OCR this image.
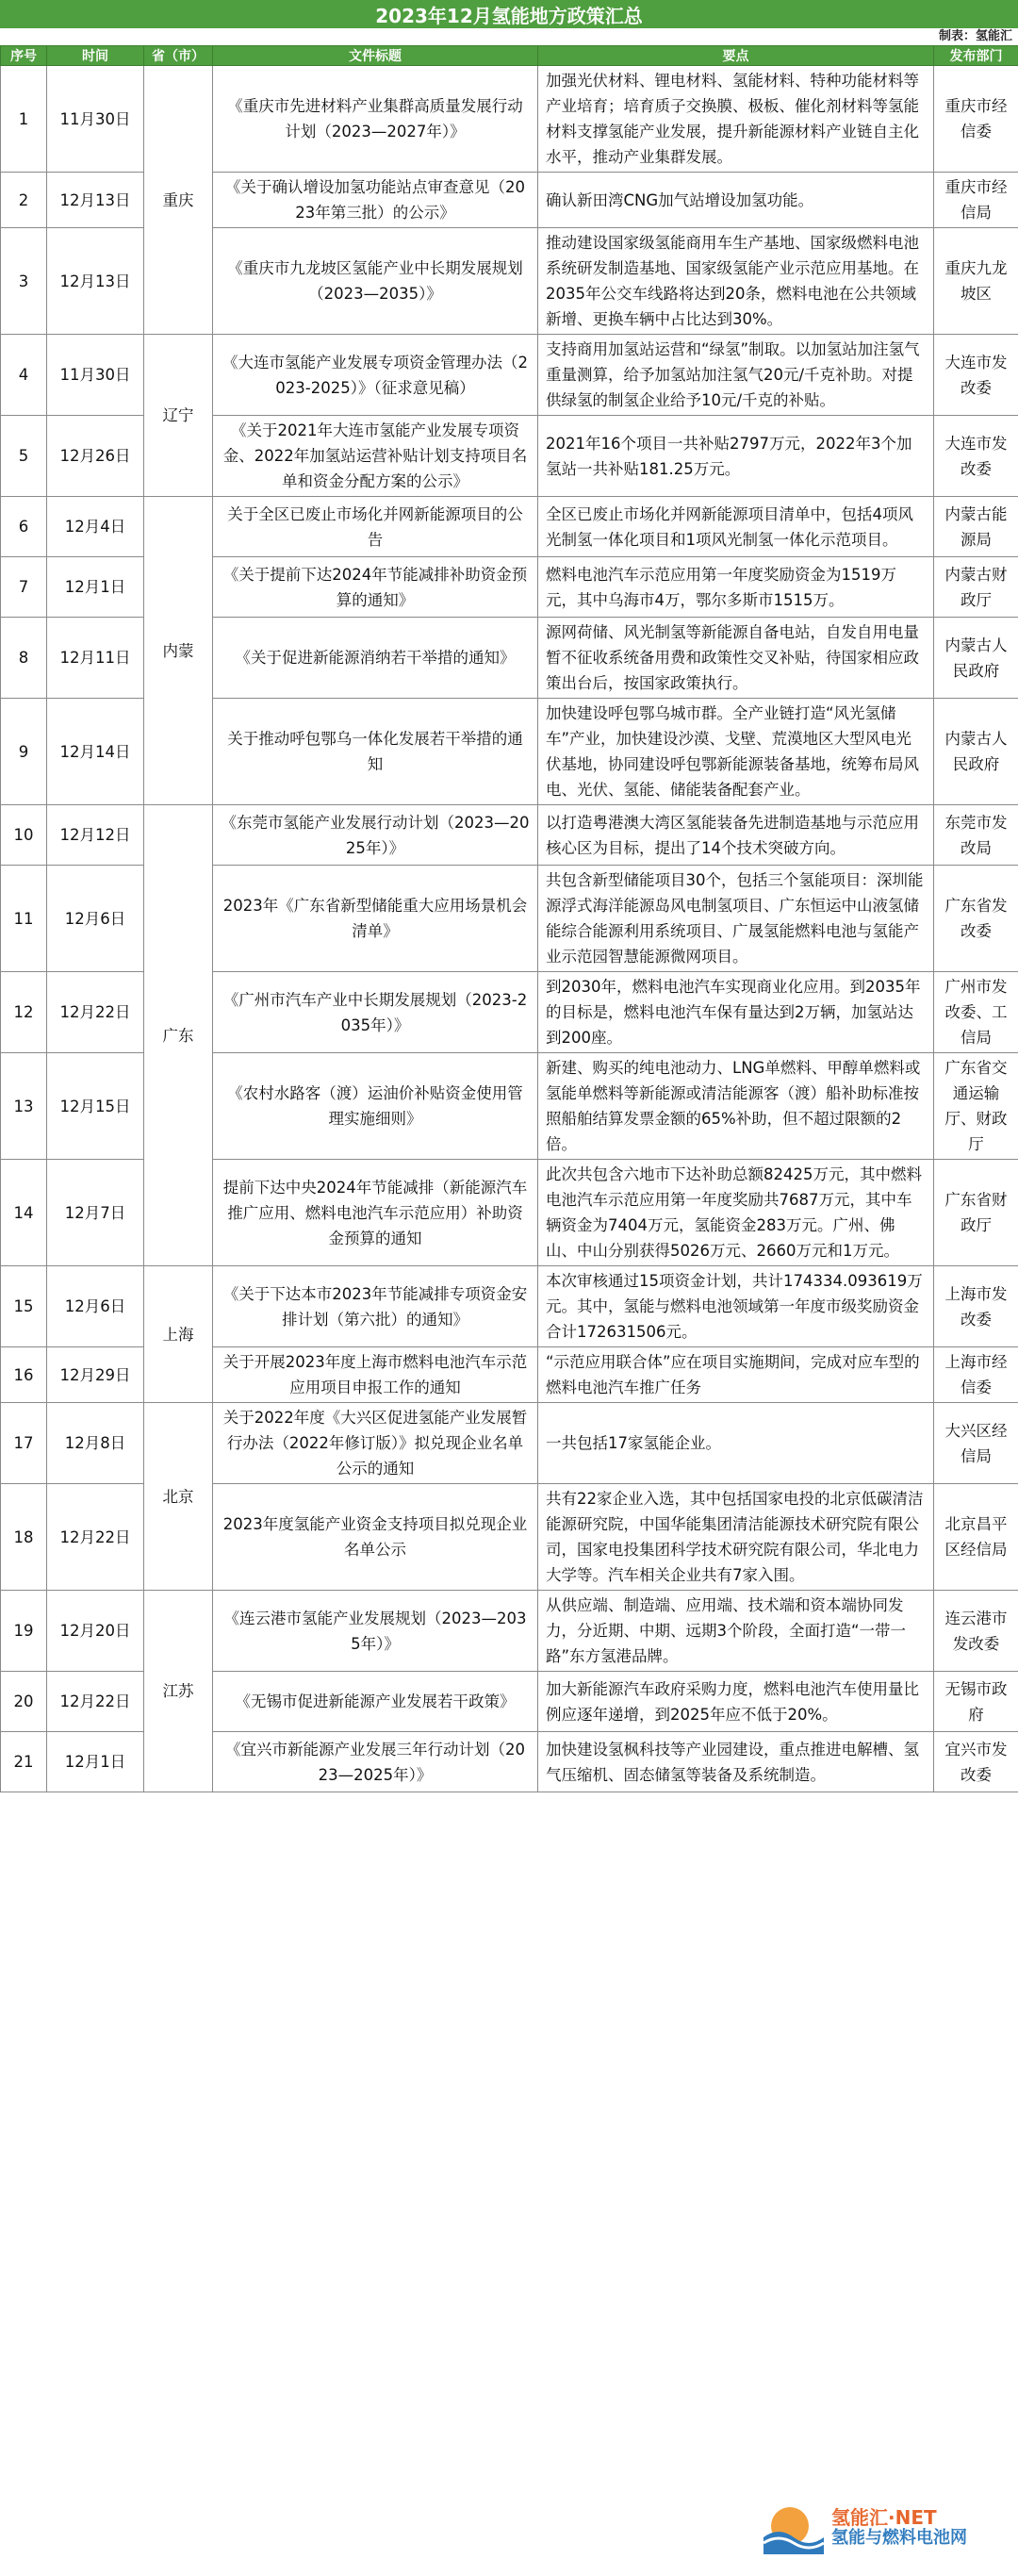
2023年12月氢能地方政策汇总
制表：氢能汇
序号	时间	省（市）	文件标题	要点	发布部门
1	11月30日	重庆	《重庆市先进材料产业集群高质量发展行动计划（2023—2027年）》	加强光伏材料、锂电材料、氢能材料、特种功能材料等产业培育；培育质子交换膜、极板、催化剂材料等氢能材料支撑氢能产业发展，提升新能源材料产业链自主化水平，推动产业集群发展。	重庆市经信委
2	12月13日		《关于确认增设加氢功能站点审查意见（2023年第三批）的公示》	确认新田湾CNG加气站增设加氢功能。	重庆市经信局
3	12月13日		《重庆市九龙坡区氢能产业中长期发展规划（2023—2035）》	推动建设国家级氢能商用车生产基地、国家级燃料电池系统研发制造基地、国家级氢能产业示范应用基地。在2035年公交车线路将达到20条，燃料电池在公共领域新增、更换车辆中占比达到30%。	重庆九龙坡区
4	11月30日	辽宁	《大连市氢能产业发展专项资金管理办法（2023-2025）》（征求意见稿）	支持商用加氢站运营和“绿氢”制取。以加氢站加注氢气重量测算，给予加氢站加注氢气20元/千克补助。对提供绿氢的制氢企业给予10元/千克的补贴。	大连市发改委
5	12月26日		《关于2021年大连市氢能产业发展专项资金、2022年加氢站运营补贴计划支持项目名单和资金分配方案的公示》	2021年16个项目一共补贴2797万元，2022年3个加氢站一共补贴181.25万元。	大连市发改委
6	12月4日	内蒙	关于全区已废止市场化并网新能源项目的公告	全区已废止市场化并网新能源项目清单中，包括4项风光制氢一体化项目和1项风光制氢一体化示范项目。	内蒙古能源局
7	12月1日		《关于提前下达2024年节能减排补助资金预算的通知》	燃料电池汽车示范应用第一年度奖励资金为1519万元，其中乌海市4万，鄂尔多斯市1515万。	内蒙古财政厅
8	12月11日		《关于促进新能源消纳若干举措的通知》	源网荷储、风光制氢等新能源自备电站，自发自用电量暂不征收系统备用费和政策性交叉补贴，待国家相应政策出台后，按国家政策执行。	内蒙古人民政府
9	12月14日		关于推动呼包鄂乌一体化发展若干举措的通知	加快建设呼包鄂乌城市群。全产业链打造“风光氢储车”产业，加快建设沙漠、戈壁、荒漠地区大型风电光伏基地，协同建设呼包鄂新能源装备基地，统筹布局风电、光伏、氢能、储能装备配套产业。	内蒙古人民政府
10	12月12日	广东	《东莞市氢能产业发展行动计划（2023—2025年）》	以打造粤港澳大湾区氢能装备先进制造基地与示范应用核心区为目标，提出了14个技术突破方向。	东莞市发改局
11	12月6日		2023年《广东省新型储能重大应用场景机会清单》	共包含新型储能项目30个，包括三个氢能项目：深圳能源浮式海洋能源岛风电制氢项目、广东恒运中山液氢储能综合能源利用系统项目、广晟氢能燃料电池与氢能产业示范园智慧能源微网项目。	广东省发改委
12	12月22日		《广州市汽车产业中长期发展规划（2023-2035年）》	到2030年，燃料电池汽车实现商业化应用。到2035年的目标是，燃料电池汽车保有量达到2万辆，加氢站达到200座。	广州市发改委、工信局
13	12月15日		《农村水路客（渡）运油价补贴资金使用管理实施细则》	新建、购买的纯电池动力、LNG单燃料、甲醇单燃料或氢能单燃料等新能源或清洁能源客（渡）船补助标准按照船舶结算发票金额的65%补助，但不超过限额的2倍。	广东省交通运输厅、财政厅
14	12月7日		提前下达中央2024年节能减排（新能源汽车推广应用、燃料电池汽车示范应用）补助资金预算的通知	此次共包含六地市下达补助总额82425万元，其中燃料电池汽车示范应用第一年度奖励共7687万元，其中车辆资金为7404万元，氢能资金283万元。广州、佛山、中山分别获得5026万元、2660万元和1万元。	广东省财政厅
15	12月6日	上海	《关于下达本市2023年节能减排专项资金安排计划（第六批）的通知》	本次审核通过15项资金计划，共计174334.093619万元。其中，氢能与燃料电池领域第一年度市级奖励资金合计172631506元。	上海市发改委
16	12月29日		关于开展2023年度上海市燃料电池汽车示范应用项目申报工作的通知	“示范应用联合体”应在项目实施期间，完成对应车型的燃料电池汽车推广任务	上海市经信委
17	12月8日	北京	关于2022年度《大兴区促进氢能产业发展暂行办法（2022年修订版）》拟兑现企业名单公示的通知	一共包括17家氢能企业。	大兴区经信局
18	12月22日		2023年度氢能产业资金支持项目拟兑现企业名单公示	共有22家企业入选，其中包括国家电投的北京低碳清洁能源研究院，中国华能集团清洁能源技术研究院有限公司，国家电投集团科学技术研究院有限公司，华北电力大学等。汽车相关企业共有7家入围。	北京昌平区经信局
19	12月20日	江苏	《连云港市氢能产业发展规划（2023—2035年）》	从供应端、制造端、应用端、技术端和资本端协同发力，分近期、中期、远期3个阶段，全面打造“一带一路”东方氢港品牌。	连云港市发改委
20	12月22日		《无锡市促进新能源产业发展若干政策》	加大新能源汽车政府采购力度，燃料电池汽车使用量比例应逐年递增，到2025年应不低于20%。	无锡市政府
21	12月1日		《宜兴市新能源产业发展三年行动计划（2023—2025年）》	加快建设氢枫科技等产业园建设，重点推进电解槽、氢气压缩机、固态储氢等装备及系统制造。	宜兴市发改委
氢能汇·NET
氢能与燃料电池网
